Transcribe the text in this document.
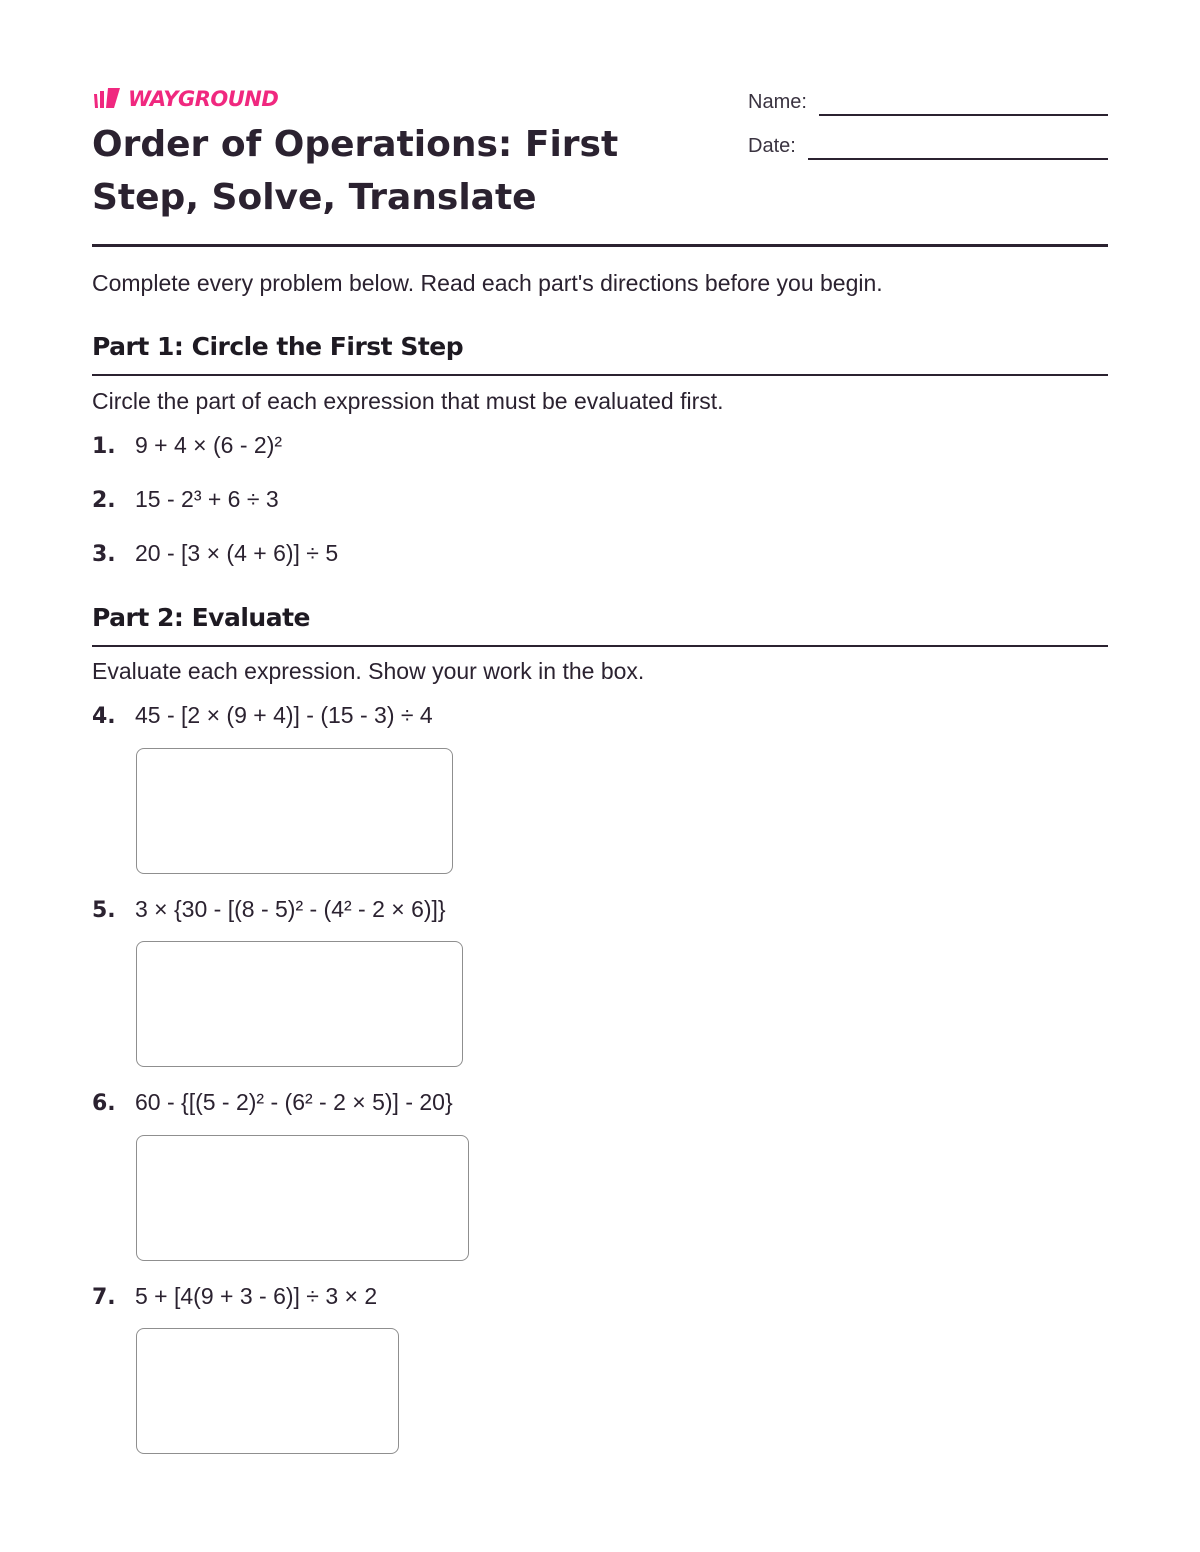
WAYGROUND
Order of Operations: First Step, Solve, Translate
Name:
Date:

Complete every problem below. Read each part's directions before you begin.

Part 1: Circle the First Step

Circle the part of each expression that must be evaluated first.

1. 9 + 4 × (6 - 2)²
2. 15 - 2³ + 6 ÷ 3
3. 20 - [3 × (4 + 6)] ÷ 5
Part 2: Evaluate

Evaluate each expression. Show your work in the box.

4. 45 - [2 × (9 + 4)] - (15 - 3) ÷ 4
5. 3 × {30 - [(8 - 5)² - (4² - 2 × 6)]}
6. 60 - {[(5 - 2)² - (6² - 2 × 5)] - 20}
7. 5 + [4(9 + 3 - 6)] ÷ 3 × 2
